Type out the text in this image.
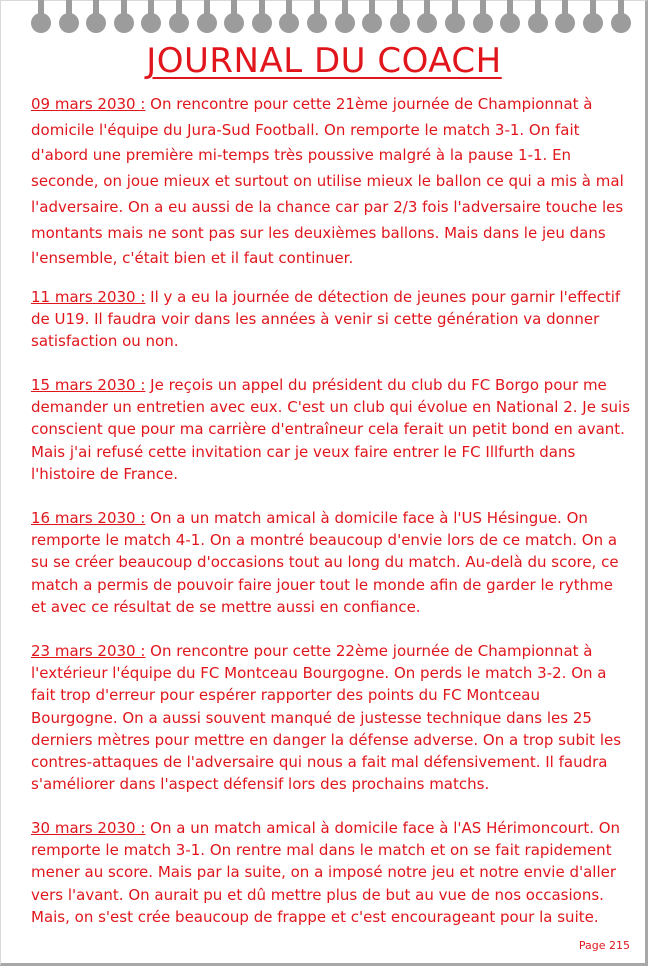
JOURNAL DU COACH

09 mars 2030 : On rencontre pour cette 21ème journée de Championnat à domicile l'équipe du Jura-Sud Football. On remporte le match 3-1. On fait d'abord une première mi-temps très poussive malgré à la pause 1-1. En seconde, on joue mieux et surtout on utilise mieux le ballon ce qui a mis à mal l'adversaire. On a eu aussi de la chance car par 2/3 fois l'adversaire touche les montants mais ne sont pas sur les deuxièmes ballons. Mais dans le jeu dans l'ensemble, c'était bien et il faut continuer.

11 mars 2030 : Il y a eu la journée de détection de jeunes pour garnir l'effectif de U19. Il faudra voir dans les années à venir si cette génération va donner satisfaction ou non.

15 mars 2030 : Je reçois un appel du président du club du FC Borgo pour me demander un entretien avec eux. C'est un club qui évolue en National 2. Je suis conscient que pour ma carrière d'entraîneur cela ferait un petit bond en avant. Mais j'ai refusé cette invitation car je veux faire entrer le FC Illfurth dans l'histoire de France.

16 mars 2030 : On a un match amical à domicile face à l'US Hésingue. On remporte le match 4-1. On a montré beaucoup d'envie lors de ce match. On a su se créer beaucoup d'occasions tout au long du match. Au-delà du score, ce match a permis de pouvoir faire jouer tout le monde afin de garder le rythme et avec ce résultat de se mettre aussi en confiance.

23 mars 2030 : On rencontre pour cette 22ème journée de Championnat à l'extérieur l'équipe du FC Montceau Bourgogne. On perds le match 3-2. On a fait trop d'erreur pour espérer rapporter des points du FC Montceau Bourgogne. On a aussi souvent manqué de justesse technique dans les 25 derniers mètres pour mettre en danger la défense adverse. On a trop subit les contres-attaques de l'adversaire qui nous a fait mal défensivement. Il faudra s'améliorer dans l'aspect défensif lors des prochains matchs.

30 mars 2030 : On a un match amical à domicile face à l'AS Hérimoncourt. On remporte le match 3-1. On rentre mal dans le match et on se fait rapidement mener au score. Mais par la suite, on a imposé notre jeu et notre envie d'aller vers l'avant. On aurait pu et dû mettre plus de but au vue de nos occasions. Mais, on s'est crée beaucoup de frappe et c'est encourageant pour la suite.

Page 215
